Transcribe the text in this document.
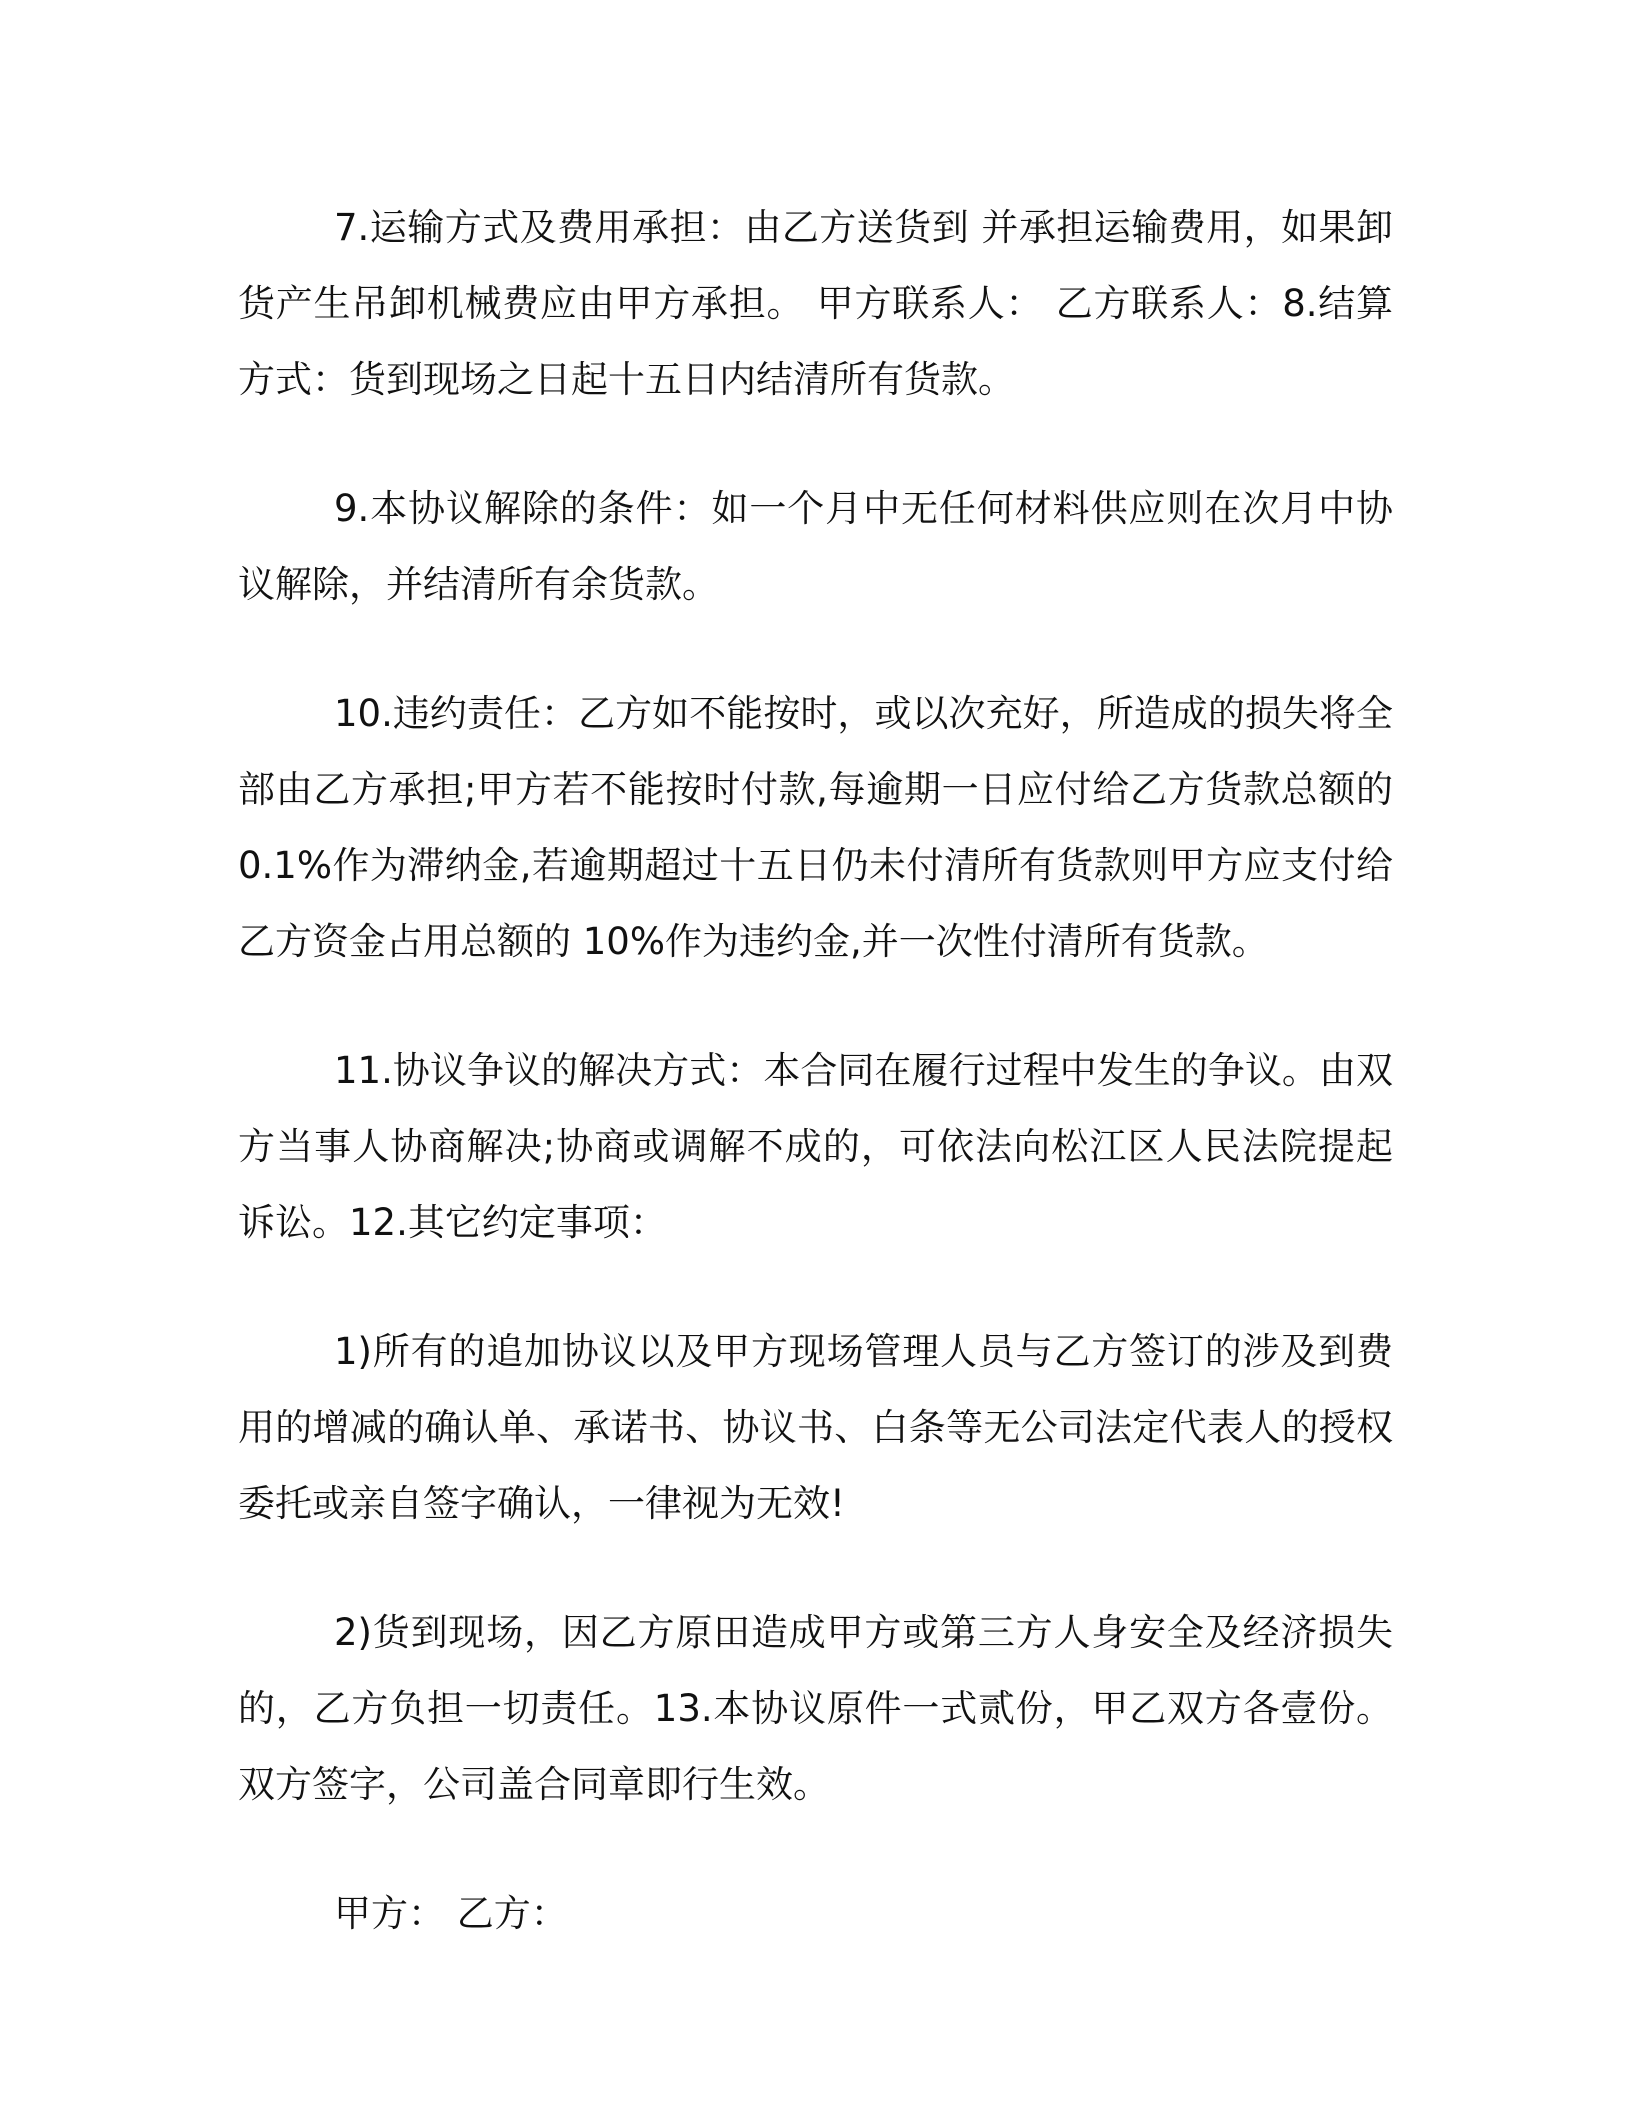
7.运输方式及费用承担：由乙方送货到 并承担运输费用，如果卸货产生吊卸机械费应由甲方承担。 甲方联系人： 乙方联系人：8.结算方式：货到现场之日起十五日内结清所有货款。

9.本协议解除的条件：如一个月中无任何材料供应则在次月中协议解除，并结清所有余货款。

10.违约责任：乙方如不能按时，或以次充好，所造成的损失将全部由乙方承担;甲方若不能按时付款,每逾期一日应付给乙方货款总额的 0.1%作为滞纳金,若逾期超过十五日仍未付清所有货款则甲方应支付给乙方资金占用总额的 10%作为违约金,并一次性付清所有货款。

11.协议争议的解决方式：本合同在履行过程中发生的争议。由双方当事人协商解决;协商或调解不成的，可依法向松江区人民法院提起诉讼。12.其它约定事项：

1)所有的追加协议以及甲方现场管理人员与乙方签订的涉及到费用的增减的确认单、承诺书、协议书、白条等无公司法定代表人的授权委托或亲自签字确认，一律视为无效!

2)货到现场，因乙方原田造成甲方或第三方人身安全及经济损失的，乙方负担一切责任。13.本协议原件一式贰份，甲乙双方各壹份。双方签字，公司盖合同章即行生效。

甲方： 乙方：
